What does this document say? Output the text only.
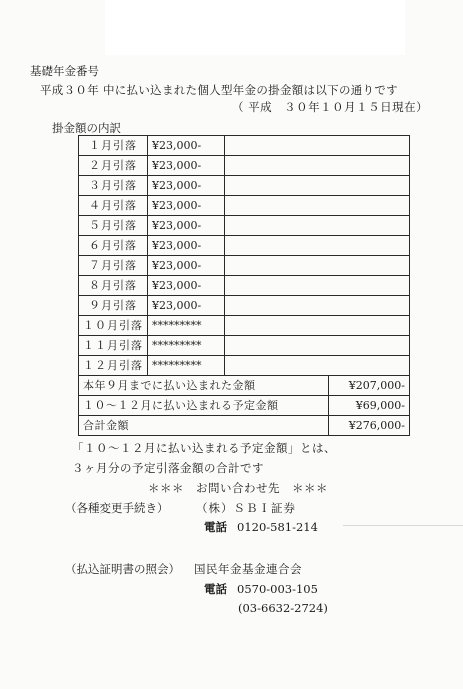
基礎年金番号
平成３０年 中に払い込まれた個人型年金の掛金額は以下の通りです
（ 平成　３０年１０月１５日現在）
掛金額の内訳
１月引落	¥23,000-		
２月引落	¥23,000-		
３月引落	¥23,000-		
４月引落	¥23,000-		
５月引落	¥23,000-		
６月引落	¥23,000-		
７月引落	¥23,000-		
８月引落	¥23,000-		
９月引落	¥23,000-		
１０月引落	*********		
１１月引落	*********		
１２月引落	*********		
本年９月までに払い込まれた金額			¥207,000-
１０～１２月に払い込まれる予定金額			¥69,000-
合計金額			¥276,000-
「１０～１２月に払い込まれる予定金額」とは、
３ヶ月分の予定引落金額の合計です
＊＊＊　お問い合わせ先　＊＊＊
（各種変更手続き） （株）ＳＢＩ証券
電話 0120-581-214
（払込証明書の照会） 国民年金基金連合会
電話 0570-003-105
(03-6632-2724)
